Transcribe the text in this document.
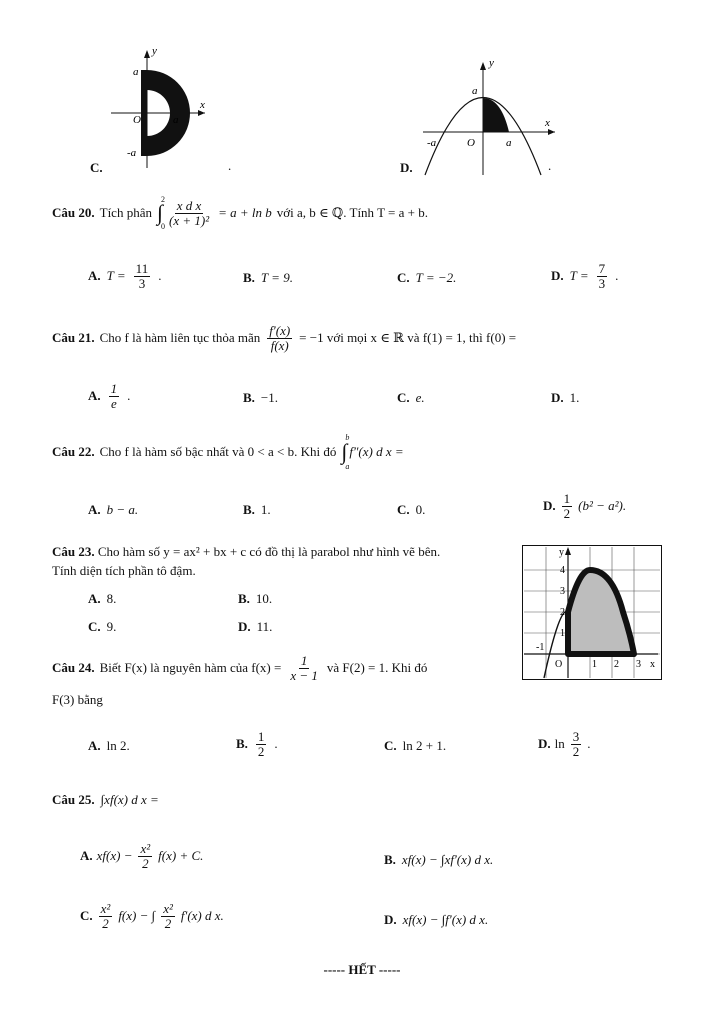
y
x
a
O	a
-a
C.	.
y
x
a
-a	O	a
D.	.
Câu 20. Tích phân ∫
2
$0 \frac{\text{x d x}}{\text{(x + 1)²}} = a + \ln b$ với a, b ∈ ℚ. Tính T = a + b.
A. $T = \frac{11}{3}$ .	B. T = 9.	C. T = −2.	D. $T = \frac{7}{3}$ .
Câu 21. Cho f là hàm liên tục thỏa mãn $\frac{f'(x)}{f(x)} = -1$ với mọi x ∈ ℝ và f(1) = 1, thì f(0) =
A. $\frac{1}{e}$ .	B. −1.	C. e.	D. 1.
Câu 22. Cho f là hàm số bậc nhất và 0 < a < b. Khi đó ∫
b
a
f″(x) d x =
A. b − a.	B. 1.	C. 0.	D. $\frac{1}{2} (b^2 - a^2)$.
Câu 23. Cho hàm số y = ax² + bx + c có đồ thị là parabol như hình vẽ bên.
Tính diện tích phần tô đậm.
A. 8.	B. 10.
C. 9.	D. 11.
y
x
O
4
3
2
1
-1
1 2 3
Câu 24. Biết F(x) là nguyên hàm của $f(x) = \frac{1}{x - 1}$ và F(2) = 1. Khi đó
F(3) bằng
A. ln 2.	B. $\frac{1}{2}$ .	C. ln 2 + 1.	D. $\ln \frac{3}{2}$ .
Câu 25. ∫xf(x) d x =
A. $xf(x) - \frac{\text{x²}}{2} f(x) + C$.	B. xf(x) − ∫xf′(x) d x.
C. $\frac{\text{x²}}{2} f(x)$ − ∫ $\frac{\text{x²}}{2} f'(x)$ d x.	D. xf(x) − ∫f′(x) d x.
----- HẾT -----
